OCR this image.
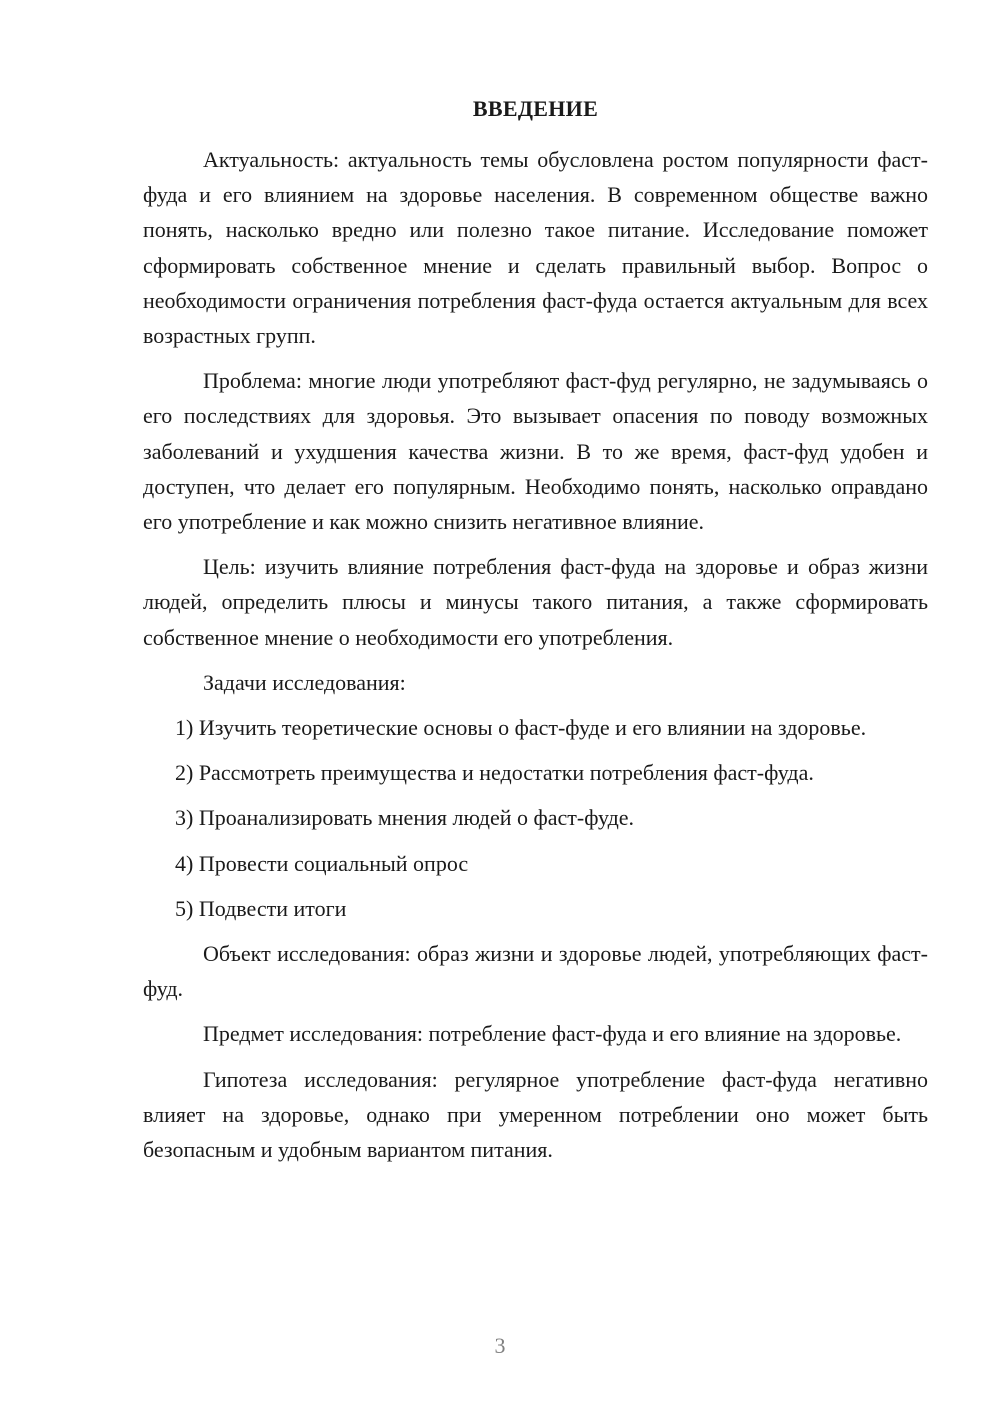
ВВЕДЕНИЕ

Актуальность: актуальность темы обусловлена ростом популярности фаст-фуда и его влиянием на здоровье населения. В современном обществе важно понять, насколько вредно или полезно такое питание. Исследование поможет сформировать собственное мнение и сделать правильный выбор. Вопрос о необходимости ограничения потребления фаст-фуда остается актуальным для всех возрастных групп.

Проблема: многие люди употребляют фаст-фуд регулярно, не задумываясь о его последствиях для здоровья. Это вызывает опасения по поводу возможных заболеваний и ухудшения качества жизни. В то же время, фаст-фуд удобен и доступен, что делает его популярным. Необходимо понять, насколько оправдано его употребление и как можно снизить негативное влияние.

Цель: изучить влияние потребления фаст-фуда на здоровье и образ жизни людей, определить плюсы и минусы такого питания, а также сформировать собственное мнение о необходимости его употребления.

Задачи исследования:

1) Изучить теоретические основы о фаст-фуде и его влиянии на здоровье.

2) Рассмотреть преимущества и недостатки потребления фаст-фуда.

3) Проанализировать мнения людей о фаст-фуде.

4) Провести социальный опрос

5) Подвести итоги

Объект исследования: образ жизни и здоровье людей, употребляющих фаст-фуд.

Предмет исследования: потребление фаст-фуда и его влияние на здоровье.

Гипотеза исследования: регулярное употребление фаст-фуда негативно влияет на здоровье, однако при умеренном потреблении оно может быть безопасным и удобным вариантом питания.

3
